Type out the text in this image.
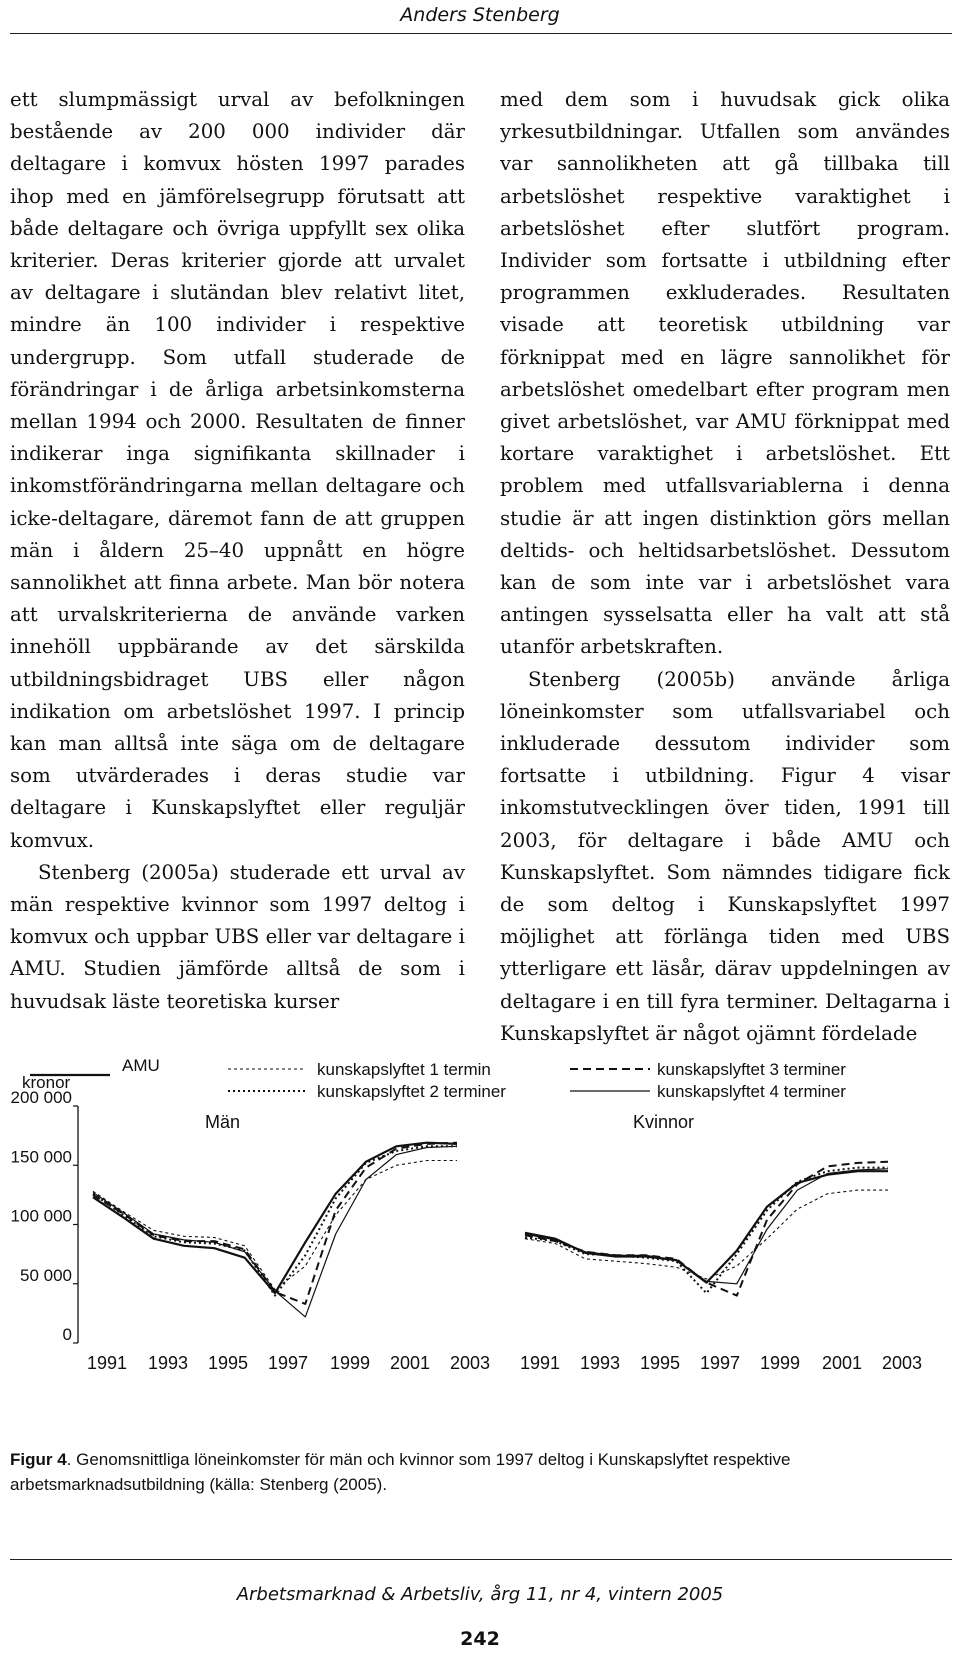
Anders Stenberg

ett slumpmässigt urval av befolkningen bestående av 200 000 individer där deltagare i komvux hösten 1997 parades ihop med en jämförelsegrupp förutsatt att både deltagare och övriga uppfyllt sex olika kriterier. Deras kriterier gjorde att urvalet av deltagare i slutändan blev relativt litet, mindre än 100 individer i respektive undergrupp. Som utfall studerade de förändringar i de årliga arbetsinkomsterna mellan 1994 och 2000. Resultaten de finner indikerar inga signifikanta skillnader i inkomstförändringarna mellan deltagare och icke-deltagare, däremot fann de att gruppen män i åldern 25–40 uppnått en högre sannolikhet att finna arbete. Man bör notera att urvalskriterierna de använde varken innehöll uppbärande av det särskilda utbildningsbidraget UBS eller någon indikation om arbetslöshet 1997. I princip kan man alltså inte säga om de deltagare som utvärderades i deras studie var deltagare i Kunskapslyftet eller reguljär komvux.

Stenberg (2005a) studerade ett urval av män respektive kvinnor som 1997 deltog i komvux och uppbar UBS eller var deltagare i AMU. Studien jämförde alltså de som i huvudsak läste teoretiska kurser

med dem som i huvudsak gick olika yrkesutbildningar. Utfallen som användes var sannolikheten att gå tillbaka till arbetslöshet respektive varaktighet i arbetslöshet efter slutfört program. Individer som fortsatte i utbildning efter programmen exkluderades. Resultaten visade att teoretisk utbildning var förknippat med en lägre sannolikhet för arbetslöshet omedelbart efter program men givet arbetslöshet, var AMU förknippat med kortare varaktighet i arbetslöshet. Ett problem med utfallsvariablerna i denna studie är att ingen distinktion görs mellan deltids- och heltidsarbetslöshet. Dessutom kan de som inte var i arbetslöshet vara antingen sysselsatta eller ha valt att stå utanför arbetskraften.

Stenberg (2005b) använde årliga löneinkomster som utfallsvariabel och inkluderade dessutom individer som fortsatte i utbildning. Figur 4 visar inkomstutvecklingen över tiden, 1991 till 2003, för deltagare i både AMU och Kunskapslyftet. Som nämndes tidigare fick de som deltog i Kunskapslyftet 1997 möjlighet att förlänga tiden med UBS ytterligare ett läsår, därav uppdelningen av deltagare i en till fyra terminer. Deltagarna i Kunskapslyftet är något ojämnt fördelade

kronor
0
50 000
100 000
150 000
200 000
AMU	kunskapslyftet 1 termin
kunskapslyftet 2 terminer
kunskapslyftet 3 terminer
kunskapslyftet 4 terminer
Män
1991 1993 1995 1997 1999 2001 2003
Kvinnor
1991 1993 1995 1997 1999 2001 2003
Figur 4. Genomsnittliga löneinkomster för män och kvinnor som 1997 deltog i Kunskapslyftet respektive arbetsmarknadsutbildning (källa: Stenberg (2005).
Arbetsmarknad & Arbetsliv, årg 11, nr 4, vintern 2005
242
